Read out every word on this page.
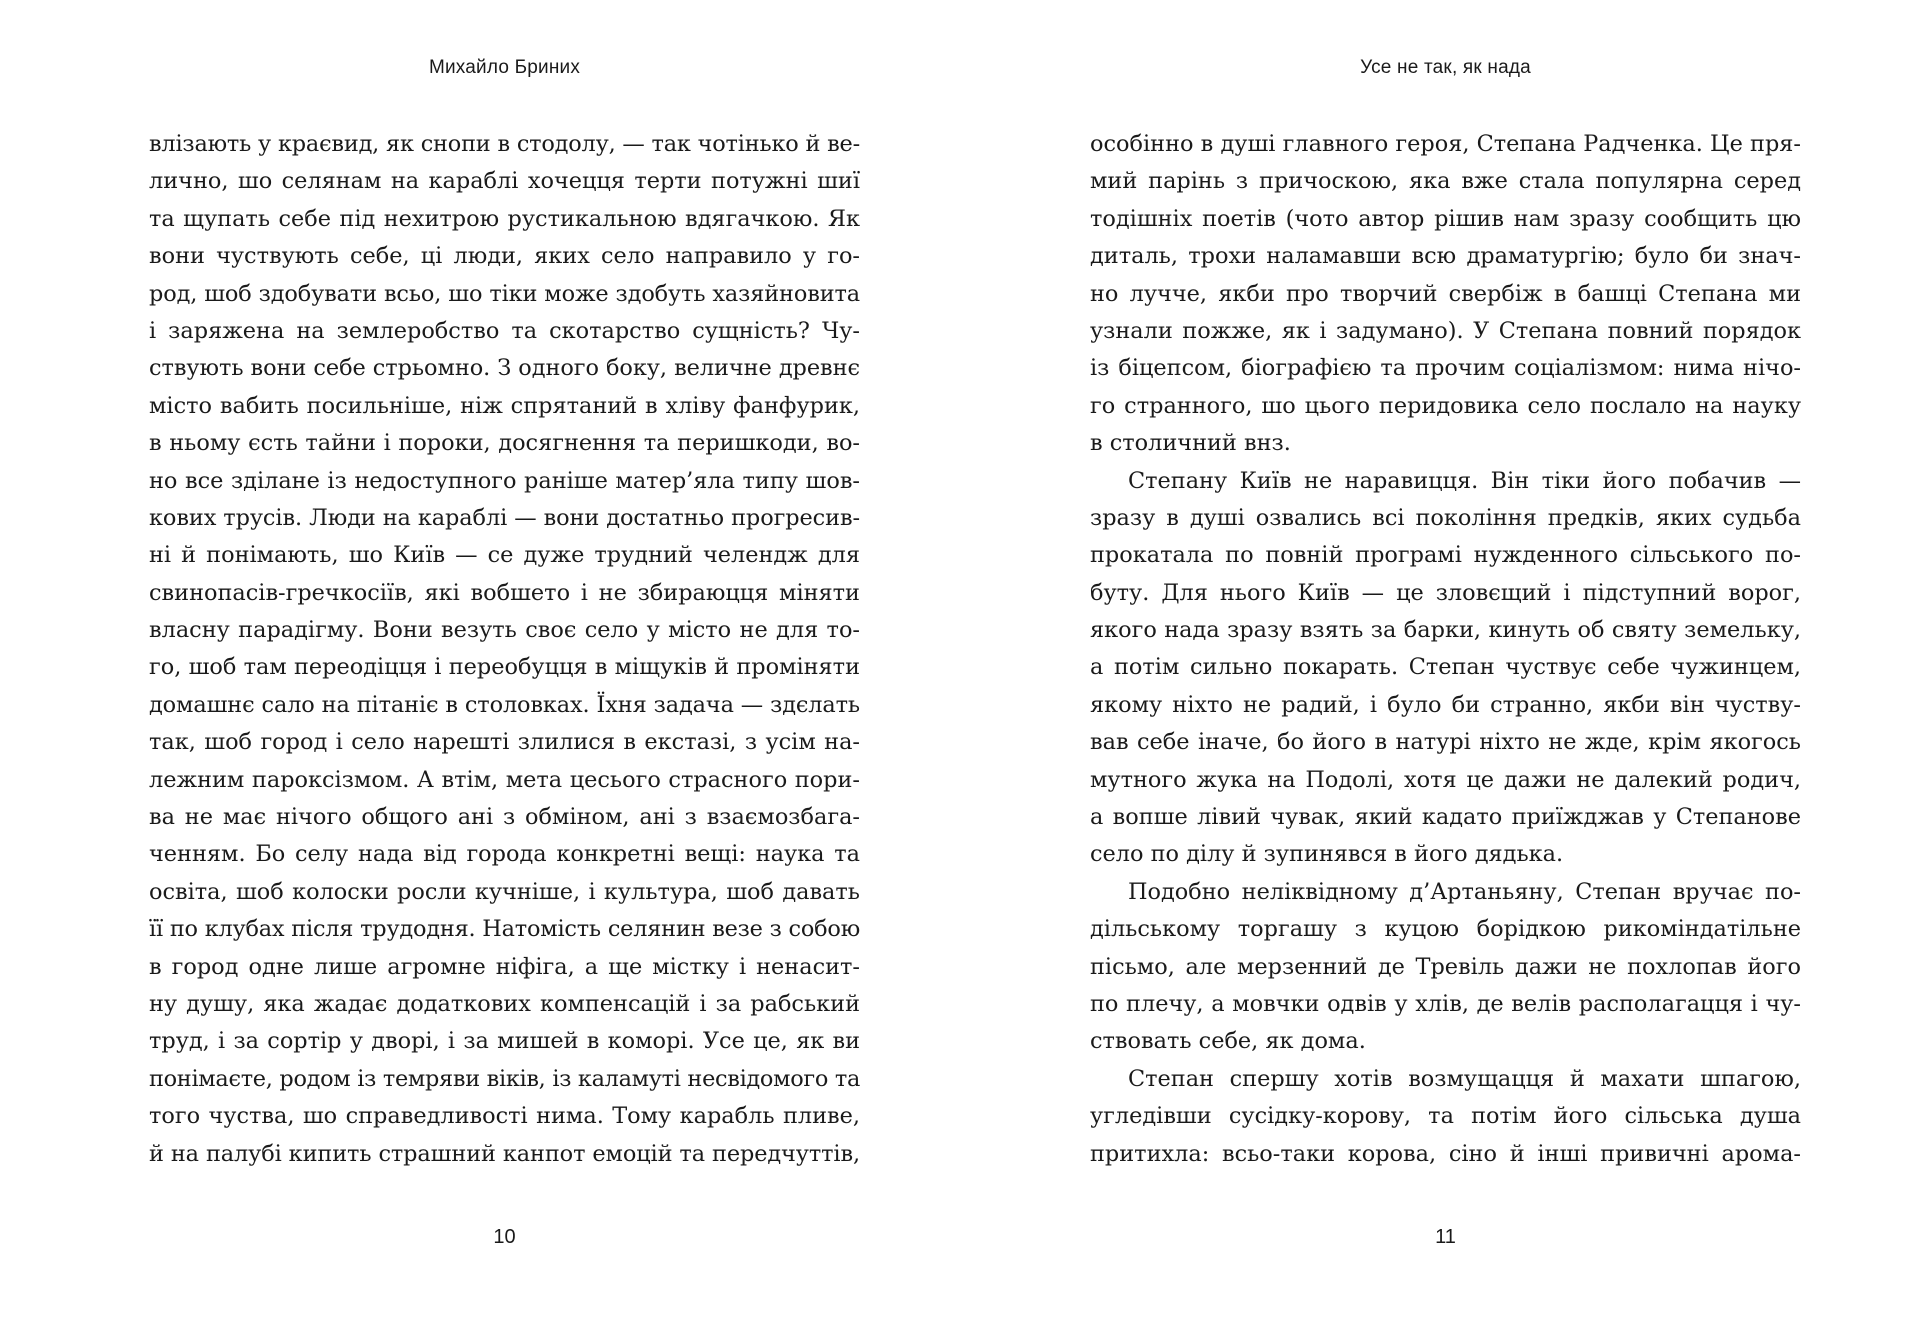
Михайло Бриних
влізають у краєвид, як снопи в стодолу, — так чотінько й ве-
лично, шо селянам на караблі хочецця терти потужні шиї
та щупать себе під нехитрою рустикальною вдягачкою. Як
вони чуствують себе, ці люди, яких село направило у го-
род, шоб здобувати всьо, шо тіки може здобуть хазяйновита
і заряжена на землеробство та скотарство сущність? Чу-
ствують вони себе стрьомно. З одного боку, величне древнє
місто вабить посильніше, ніж спрятаний в хліву фанфурик,
в ньому єсть тайни і пороки, досягнення та перишкоди, во-
но все зділане із недоступного раніше матер’яла типу шов-
кових трусів. Люди на караблі — вони достатньо прогресив-
ні й понімають, шо Київ — се дуже трудний челендж для
свинопасів-гречкосіїв, які вобшето і не збираюцця міняти
власну парадігму. Вони везуть своє село у місто не для то-
го, шоб там переодіцця і переобуцця в міщуків й проміняти
домашнє сало на пітаніє в столовках. Їхня задача — здєлать
так, шоб город і село нарешті злилися в екстазі, з усім на-
лежним пароксізмом. А втім, мета цесього страсного пори-
ва не має нічого общого ані з обміном, ані з взаємозбага-
ченням. Бо селу нада від города конкретні вещі: наука та
освіта, шоб колоски росли кучніше, і культура, шоб давать
її по клубах після трудодня. Натомість селянин везе з собою
в город одне лише агромне ніфіга, а ще містку і ненасит-
ну душу, яка жадає додаткових компенсацій і за рабський
труд, і за сортір у дворі, і за мишей в коморі. Усе це, як ви
понімаєте, родом із темряви віків, із каламуті несвідомого та
того чуства, шо справедливості нима. Тому карабль пливе,
й на палубі кипить страшний канпот емоцій та передчуттів,
10
Усе не так, як нада
особінно в душі главного героя, Степана Радченка. Це пря-
мий парінь з причоскою, яка вже стала популярна серед
тодішніх поетів (чото автор рішив нам зразу сообщить цю
диталь, трохи наламавши всю драматургію; було би знач-
но лучче, якби про творчий свербіж в башці Степана ми
узнали пожже, як і задумано). У Степана повний порядок
із біцепсом, біографією та прочим соціалізмом: нима нічо-
го странного, шо цього перидовика село послало на науку
в столичний внз.
Степану Київ не наравицця. Він тіки його побачив —
зразу в душі озвались всі покоління предків, яких судьба
прокатала по повній програмі нужденного сільського по-
буту. Для нього Київ — це зловєщий і підступний ворог,
якого нада зразу взять за барки, кинуть об святу земельку,
а потім сильно покарать. Степан чуствує себе чужинцем,
якому ніхто не радий, і було би странно, якби він чуству-
вав себе іначе, бо його в натурі ніхто не жде, крім якогось
мутного жука на Подолі, хотя це дажи не далекий родич,
а вопше лівий чувак, який кадато приїжджав у Степанове
село по ділу й зупинявся в його дядька.
Подобно неліквідному д’Артаньяну, Степан вручає по-
дільському торгашу з куцою борідкою рикоміндатільне
пісьмо, але мерзенний де Тревіль дажи не похлопав його
по плечу, а мовчки одвів у хлів, де велів располагацця і чу-
ствовать себе, як дома.
Степан спершу хотів возмущацця й махати шпагою,
угледівши сусідку-корову, та потім його сільська душа
притихла: всьо-таки корова, сіно й інші привичні арома-
11
